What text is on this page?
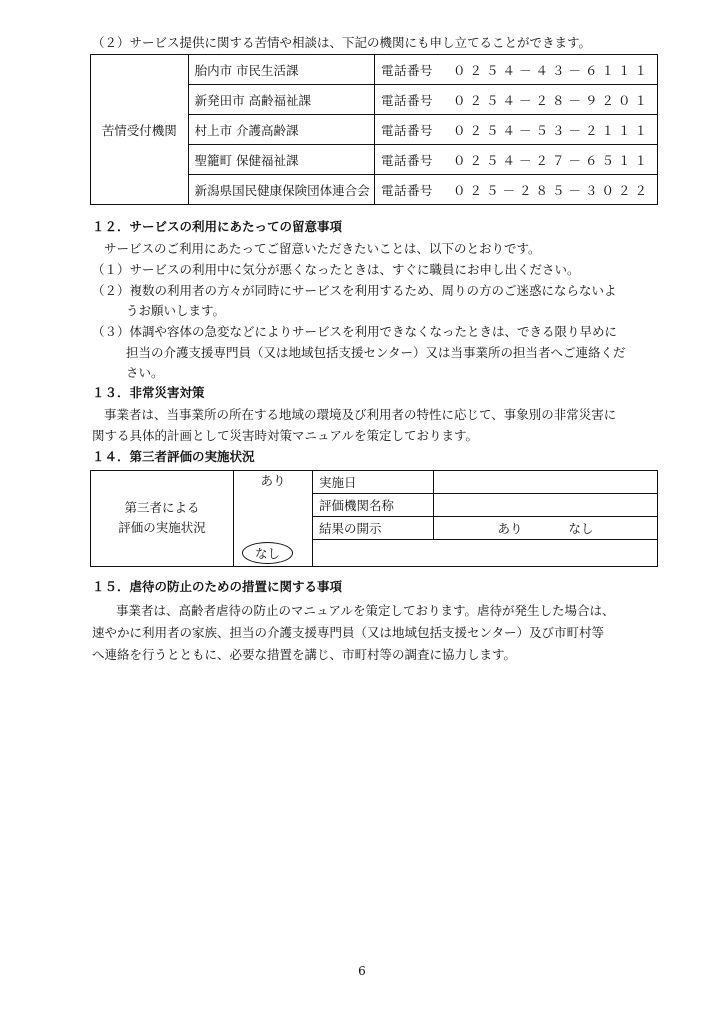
（２）サービス提供に関する苦情や相談は、下記の機関にも申し立てることができます。
苦情受付機関	胎内市 市民生活課	電話番号 ０２５４－４３－６１１１
	新発田市 高齢福祉課	電話番号 ０２５４－２８－９２０１
	村上市 介護高齢課	電話番号 ０２５４－５３－２１１１
	聖籠町 保健福祉課	電話番号 ０２５４－２７－６５１１
	新潟県国民健康保険団体連合会	電話番号 ０２５－２８５－３０２２
１２．サービスの利用にあたっての留意事項
サービスのご利用にあたってご留意いただきたいことは、以下のとおりです。
（１）サービスの利用中に気分が悪くなったときは、すぐに職員にお申し出ください。
（２）複数の利用者の方々が同時にサービスを利用するため、周りの方のご迷惑にならないよ
うお願いします。
（３）体調や容体の急変などによりサービスを利用できなくなったときは、できる限り早めに
担当の介護支援専門員（又は地域包括支援センター）又は当事業所の担当者へご連絡くだ
さい。
１３．非常災害対策
事業者は、当事業所の所在する地域の環境及び利用者の特性に応じて、事象別の非常災害に
関する具体的計画として災害時対策マニュアルを策定しております。
１４．第三者評価の実施状況
第三者による
評価の実施状況	あり	実施日	
		評価機関名称	
		結果の開示	あり なし
	なし		
１５．虐待の防止のための措置に関する事項
事業者は、高齢者虐待の防止のマニュアルを策定しております。虐待が発生した場合は、
速やかに利用者の家族、担当の介護支援専門員（又は地域包括支援センター）及び市町村等
へ連絡を行うとともに、必要な措置を講じ、市町村等の調査に協力します。
6
